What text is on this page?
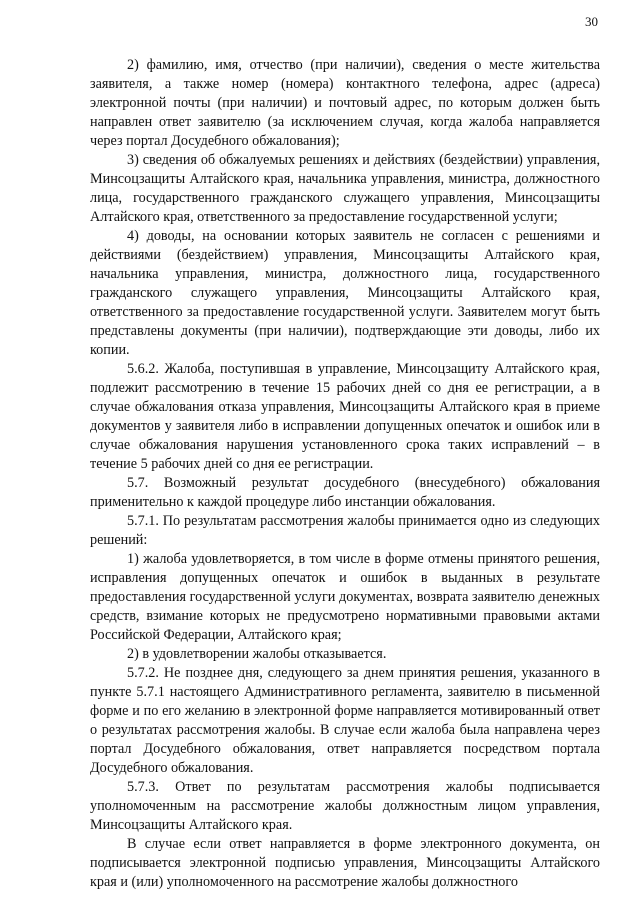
30

2) фамилию, имя, отчество (при наличии), сведения о месте жительства заявителя, а также номер (номера) контактного телефона, адрес (адреса) электронной почты (при наличии) и почтовый адрес, по которым должен быть направлен ответ заявителю (за исключением случая, когда жалоба направляется через портал Досудебного обжалования);

3) сведения об обжалуемых решениях и действиях (бездействии) управления, Минсоцзащиты Алтайского края, начальника управления, министра, должностного лица, государственного гражданского служащего управления, Минсоцзащиты Алтайского края, ответственного за предоставление государственной услуги;

4) доводы, на основании которых заявитель не согласен с решениями и действиями (бездействием) управления, Минсоцзащиты Алтайского края, начальника управления, министра, должностного лица, государственного гражданского служащего управления, Минсоцзащиты Алтайского края, ответственного за предоставление государственной услуги. Заявителем могут быть представлены документы (при наличии), подтверждающие эти доводы, либо их копии.

5.6.2. Жалоба, поступившая в управление, Минсоцзащиту Алтайского края, подлежит рассмотрению в течение 15 рабочих дней со дня ее регистрации, а в случае обжалования отказа управления, Минсоцзащиты Алтайского края в приеме документов у заявителя либо в исправлении допущенных опечаток и ошибок или в случае обжалования нарушения установленного срока таких исправлений – в течение 5 рабочих дней со дня ее регистрации.

5.7. Возможный результат досудебного (внесудебного) обжалования применительно к каждой процедуре либо инстанции обжалования.

5.7.1. По результатам рассмотрения жалобы принимается одно из следующих решений:

1) жалоба удовлетворяется, в том числе в форме отмены принятого решения, исправления допущенных опечаток и ошибок в выданных в результате предоставления государственной услуги документах, возврата заявителю денежных средств, взимание которых не предусмотрено нормативными правовыми актами Российской Федерации, Алтайского края;

2) в удовлетворении жалобы отказывается.

5.7.2. Не позднее дня, следующего за днем принятия решения, указанного в пункте 5.7.1 настоящего Административного регламента, заявителю в письменной форме и по его желанию в электронной форме направляется мотивированный ответ о результатах рассмотрения жалобы. В случае если жалоба была направлена через портал Досудебного обжалования, ответ направляется посредством портала Досудебного обжалования.

5.7.3. Ответ по результатам рассмотрения жалобы подписывается уполномоченным на рассмотрение жалобы должностным лицом управления, Минсоцзащиты Алтайского края.

В случае если ответ направляется в форме электронного документа, он подписывается электронной подписью управления, Минсоцзащиты Алтайского края и (или) уполномоченного на рассмотрение жалобы должностного
